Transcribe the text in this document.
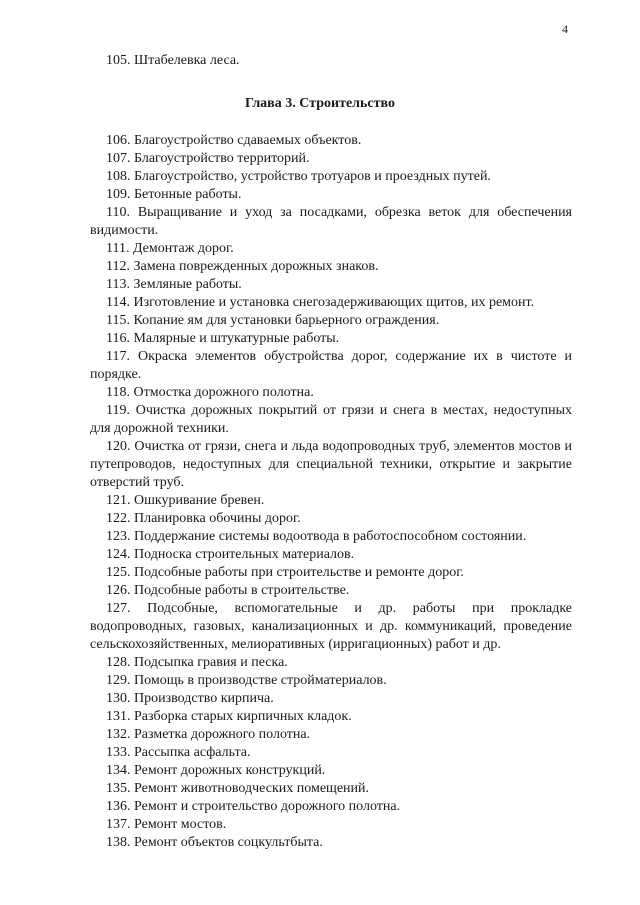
4
105. Штабелевка леса.
Глава 3. Строительство

106. Благоустройство сдаваемых объектов.

107. Благоустройство территорий.

108. Благоустройство, устройство тротуаров и проездных путей.

109. Бетонные работы.

110. Выращивание и уход за посадками, обрезка веток для обеспечения видимости.

111. Демонтаж дорог.

112. Замена поврежденных дорожных знаков.

113. Земляные работы.

114. Изготовление и установка снегозадерживающих щитов, их ремонт.

115. Копание ям для установки барьерного ограждения.

116. Малярные и штукатурные работы.

117. Окраска элементов обустройства дорог, содержание их в чистоте и порядке.

118. Отмостка дорожного полотна.

119. Очистка дорожных покрытий от грязи и снега в местах, недоступных для дорожной техники.

120. Очистка от грязи, снега и льда водопроводных труб, элементов мостов и путепроводов, недоступных для специальной техники, открытие и закрытие отверстий труб.

121. Ошкуривание бревен.

122. Планировка обочины дорог.

123. Поддержание системы водоотвода в работоспособном состоянии.

124. Подноска строительных материалов.

125. Подсобные работы при строительстве и ремонте дорог.

126. Подсобные работы в строительстве.

127. Подсобные, вспомогательные и др. работы при прокладке водопроводных, газовых, канализационных и др. коммуникаций, проведение сельскохозяйственных, мелиоративных (ирригационных) работ и др.

128. Подсыпка гравия и песка.

129. Помощь в производстве стройматериалов.

130. Производство кирпича.

131. Разборка старых кирпичных кладок.

132. Разметка дорожного полотна.

133. Рассыпка асфальта.

134. Ремонт дорожных конструкций.

135. Ремонт животноводческих помещений.

136. Ремонт и строительство дорожного полотна.

137. Ремонт мостов.

138. Ремонт объектов соцкультбыта.
